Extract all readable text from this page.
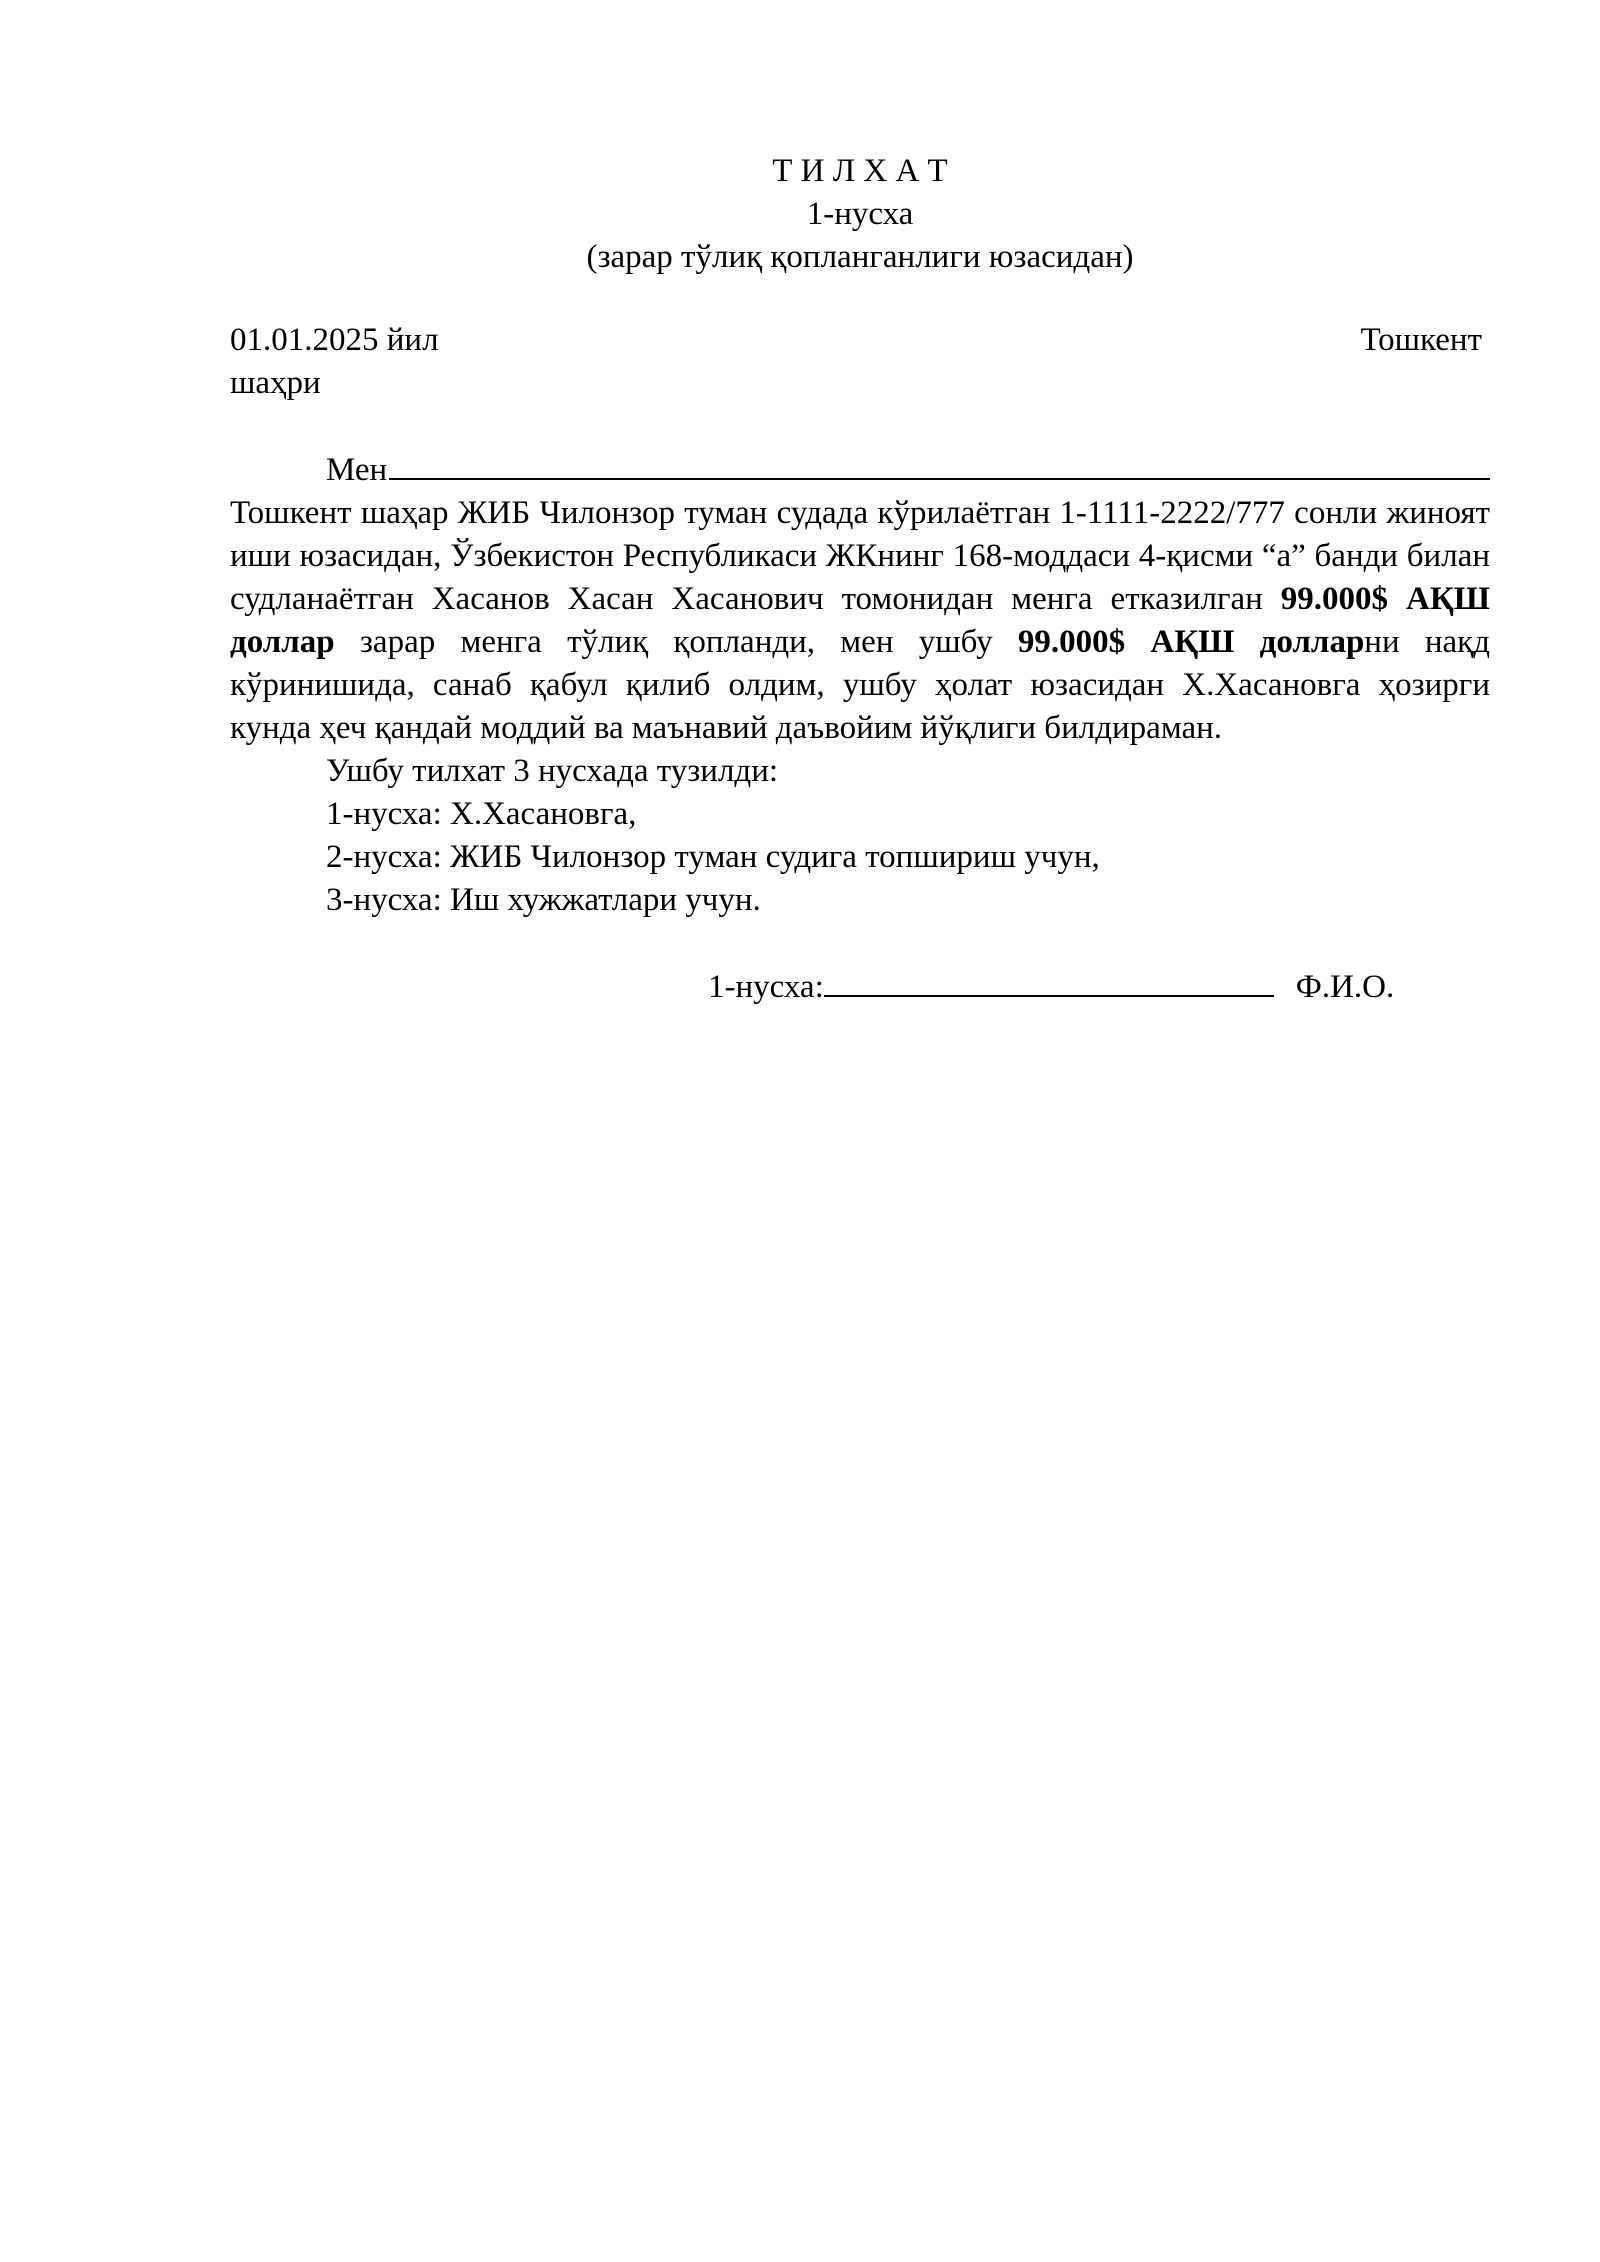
Т И Л Х А Т
1-нусха
(зарар тўлиқ қопланганлиги юзасидан)
01.01.2025 йил	Тошкент
шаҳри
Мен

Тошкент шаҳар ЖИБ Чилонзор туман судада кўрилаётган 1-1111-2222/777 сонли жиноят иши юзасидан, Ўзбекистон Республикаси ЖКнинг 168-моддаси 4-қисми “а” банди билан судланаётган Хасанов Хасан Хасанович томонидан менга етказилган 99.000$ АҚШ доллар зарар менга тўлиқ қопланди, мен ушбу 99.000$ АҚШ долларни нақд кўринишида, санаб қабул қилиб олдим, ушбу ҳолат юзасидан Х.Хасановга ҳозирги кунда ҳеч қандай моддий ва маънавий даъвойим йўқлиги билдираман.

Ушбу тилхат 3 нусхада тузилди:
1-нусха: Х.Хасановга,
2-нусха: ЖИБ Чилонзор туман судига топшириш учун,
3-нусха: Иш хужжатлари учун.
1-нусха:	Ф.И.О.
